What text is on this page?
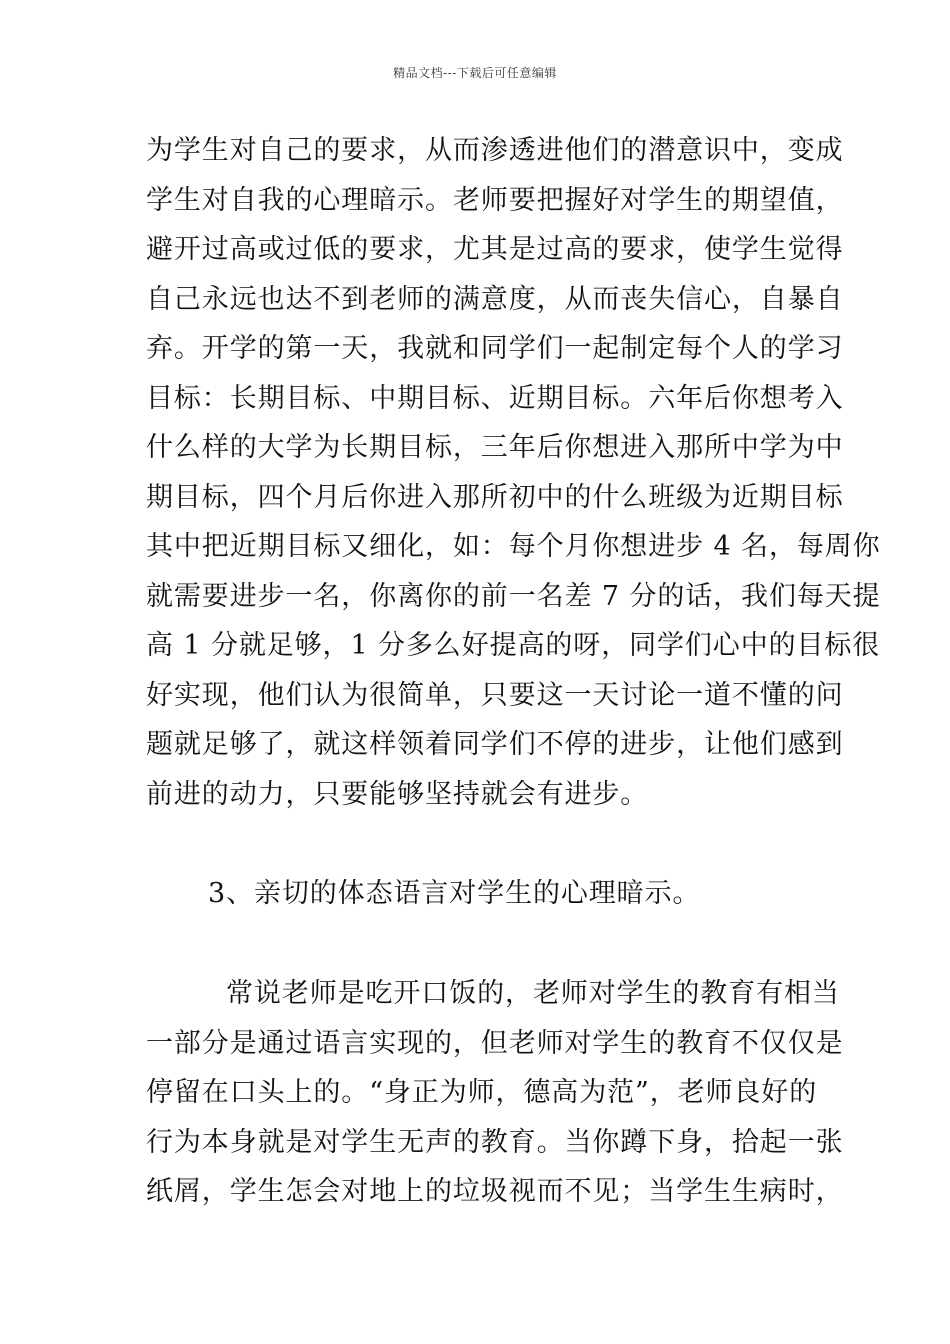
精品文档---下载后可任意编辑
为学生对自己的要求，从而渗透进他们的潜意识中，变成
学生对自我的心理暗示。老师要把握好对学生的期望值，
避开过高或过低的要求，尤其是过高的要求，使学生觉得
自己永远也达不到老师的满意度，从而丧失信心，自暴自
弃。开学的第一天，我就和同学们一起制定每个人的学习
目标：长期目标、中期目标、近期目标。六年后你想考入
什么样的大学为长期目标，三年后你想进入那所中学为中
期目标，四个月后你进入那所初中的什么班级为近期目标
其中把近期目标又细化，如：每个月你想进步 4 名，每周你
就需要进步一名，你离你的前一名差 7 分的话，我们每天提
高 1 分就足够，1 分多么好提高的呀，同学们心中的目标很
好实现，他们认为很简单，只要这一天讨论一道不懂的问
题就足够了，就这样领着同学们不停的进步，让他们感到
前进的动力，只要能够坚持就会有进步。
3、亲切的体态语言对学生的心理暗示。
常说老师是吃开口饭的，老师对学生的教育有相当
一部分是通过语言实现的，但老师对学生的教育不仅仅是
停留在口头上的。“身正为师，德高为范”，老师良好的
行为本身就是对学生无声的教育。当你蹲下身，拾起一张
纸屑，学生怎会对地上的垃圾视而不见；当学生生病时，
